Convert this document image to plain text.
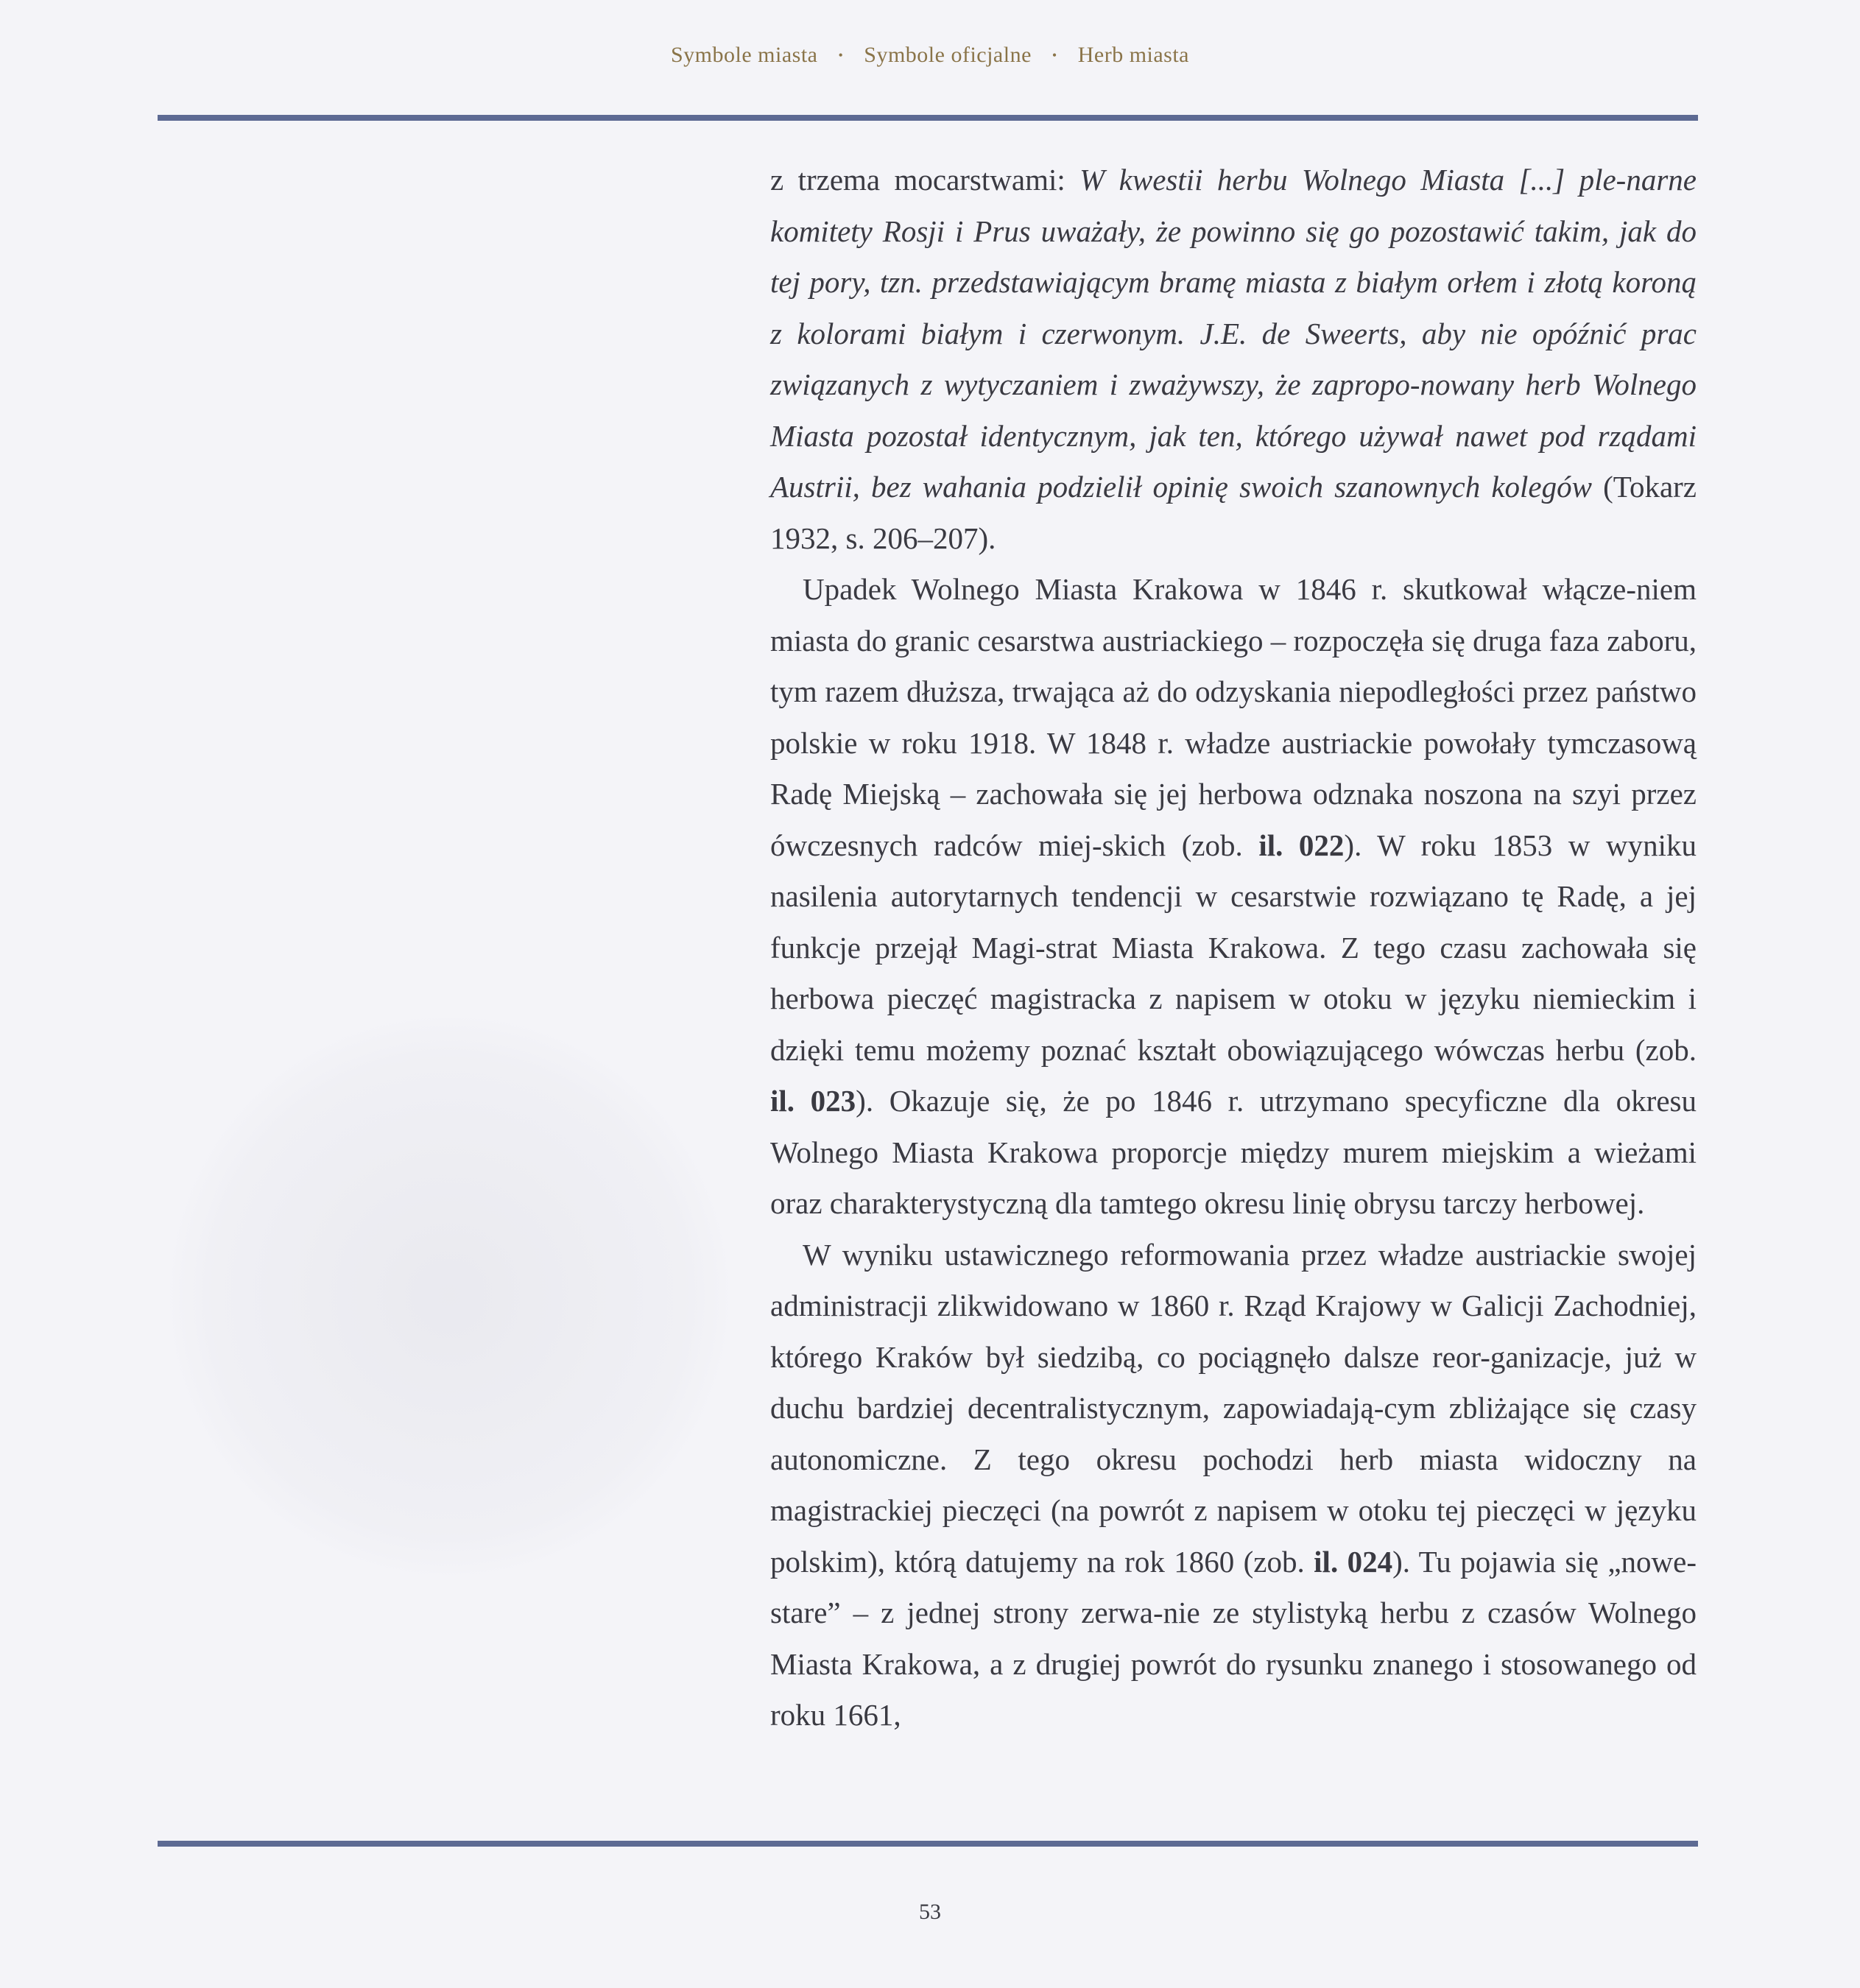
Symbole miasta • Symbole oficjalne • Herb miasta

z trzema mocarstwami: W kwestii herbu Wolnego Miasta [...] ple-narne komitety Rosji i Prus uważały, że powinno się go pozostawić takim, jak do tej pory, tzn. przedstawiającym bramę miasta z białym orłem i złotą koroną z kolorami białym i czerwonym. J.E. de Sweerts, aby nie opóźnić prac związanych z wytyczaniem i zważywszy, że zapropo-nowany herb Wolnego Miasta pozostał identycznym, jak ten, którego używał nawet pod rządami Austrii, bez wahania podzielił opinię swoich szanownych kolegów (Tokarz 1932, s. 206–207).

Upadek Wolnego Miasta Krakowa w 1846 r. skutkował włącze-niem miasta do granic cesarstwa austriackiego – rozpoczęła się druga faza zaboru, tym razem dłuższa, trwająca aż do odzyskania niepodległości przez państwo polskie w roku 1918. W 1848 r. władze austriackie powołały tymczasową Radę Miejską – zachowała się jej herbowa odznaka noszona na szyi przez ówczesnych radców miej-skich (zob. il. 022). W roku 1853 w wyniku nasilenia autorytarnych tendencji w cesarstwie rozwiązano tę Radę, a jej funkcje przejął Magi-strat Miasta Krakowa. Z tego czasu zachowała się herbowa pieczęć magistracka z napisem w otoku w języku niemieckim i dzięki temu możemy poznać kształt obowiązującego wówczas herbu (zob. il. 023). Okazuje się, że po 1846 r. utrzymano specyficzne dla okresu Wolnego Miasta Krakowa proporcje między murem miejskim a wieżami oraz charakterystyczną dla tamtego okresu linię obrysu tarczy herbowej.

W wyniku ustawicznego reformowania przez władze austriackie swojej administracji zlikwidowano w 1860 r. Rząd Krajowy w Galicji Zachodniej, którego Kraków był siedzibą, co pociągnęło dalsze reor-ganizacje, już w duchu bardziej decentralistycznym, zapowiadają-cym zbliżające się czasy autonomiczne. Z tego okresu pochodzi herb miasta widoczny na magistrackiej pieczęci (na powrót z napisem w otoku tej pieczęci w języku polskim), którą datujemy na rok 1860 (zob. il. 024). Tu pojawia się „nowe-stare” – z jednej strony zerwa-nie ze stylistyką herbu z czasów Wolnego Miasta Krakowa, a z drugiej powrót do rysunku znanego i stosowanego od roku 1661,

53
